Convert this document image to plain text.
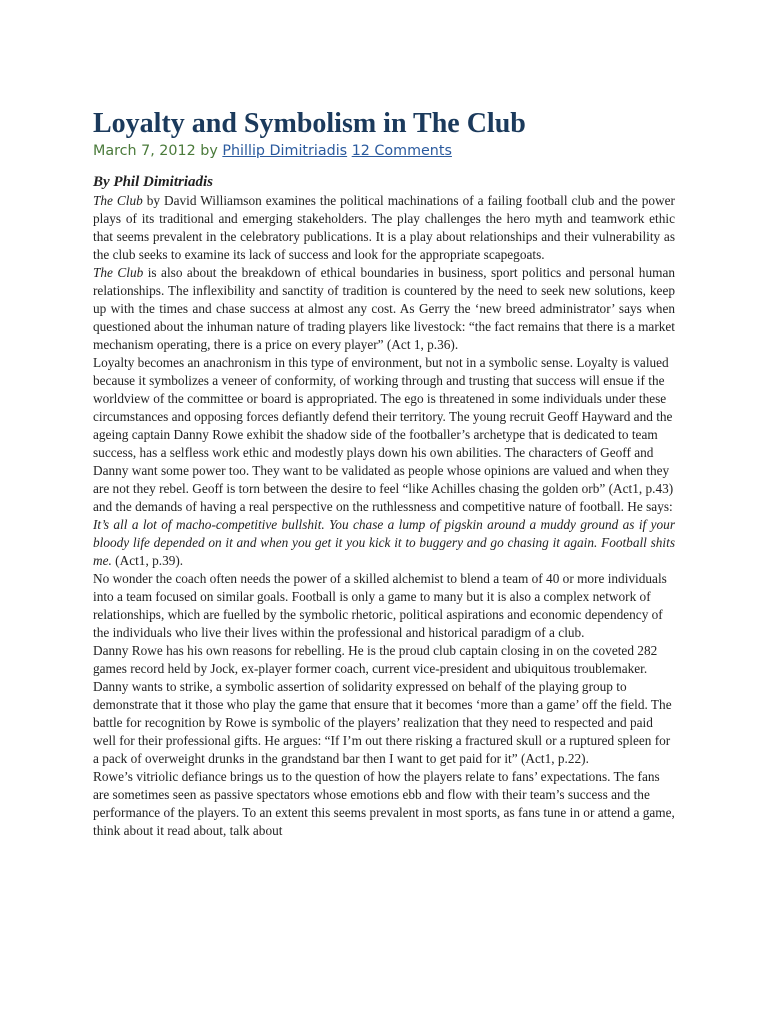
Loyalty and Symbolism in The Club
March 7, 2012 by Phillip Dimitriadis 12 Comments
By Phil Dimitriadis

The Club by David Williamson examines the political machinations of a failing football club and the power plays of its traditional and emerging stakeholders. The play challenges the hero myth and teamwork ethic that seems prevalent in the celebratory publications. It is a play about relationships and their vulnerability as the club seeks to examine its lack of success and look for the appropriate scapegoats.

The Club is also about the breakdown of ethical boundaries in business, sport politics and personal human relationships. The inflexibility and sanctity of tradition is countered by the need to seek new solutions, keep up with the times and chase success at almost any cost. As Gerry the ‘new breed administrator’ says when questioned about the inhuman nature of trading players like livestock: “the fact remains that there is a market mechanism operating, there is a price on every player” (Act 1, p.36).

Loyalty becomes an anachronism in this type of environment, but not in a symbolic sense. Loyalty is valued because it symbolizes a veneer of conformity, of working through and trusting that success will ensue if the worldview of the committee or board is appropriated. The ego is threatened in some individuals under these circumstances and opposing forces defiantly defend their territory. The young recruit Geoff Hayward and the ageing captain Danny Rowe exhibit the shadow side of the footballer’s archetype that is dedicated to team success, has a selfless work ethic and modestly plays down his own abilities. The characters of Geoff and Danny want some power too. They want to be validated as people whose opinions are valued and when they are not they rebel. Geoff is torn between the desire to feel “like Achilles chasing the golden orb” (Act1, p.43) and the demands of having a real perspective on the ruthlessness and competitive nature of football. He says:

It’s all a lot of macho-competitive bullshit. You chase a lump of pigskin around a muddy ground as if your bloody life depended on it and when you get it you kick it to buggery and go chasing it again. Football shits me. (Act1, p.39).

No wonder the coach often needs the power of a skilled alchemist to blend a team of 40 or more individuals into a team focused on similar goals. Football is only a game to many but it is also a complex network of relationships, which are fuelled by the symbolic rhetoric, political aspirations and economic dependency of the individuals who live their lives within the professional and historical paradigm of a club.

Danny Rowe has his own reasons for rebelling. He is the proud club captain closing in on the coveted 282 games record held by Jock, ex-player former coach, current vice-president and ubiquitous troublemaker. Danny wants to strike, a symbolic assertion of solidarity expressed on behalf of the playing group to demonstrate that it those who play the game that ensure that it becomes ‘more than a game’ off the field. The battle for recognition by Rowe is symbolic of the players’ realization that they need to respected and paid well for their professional gifts. He argues: “If I’m out there risking a fractured skull or a ruptured spleen for a pack of overweight drunks in the grandstand bar then I want to get paid for it” (Act1, p.22).

Rowe’s vitriolic defiance brings us to the question of how the players relate to fans’ expectations. The fans are sometimes seen as passive spectators whose emotions ebb and flow with their team’s success and the performance of the players. To an extent this seems prevalent in most sports, as fans tune in or attend a game, think about it read about, talk about
